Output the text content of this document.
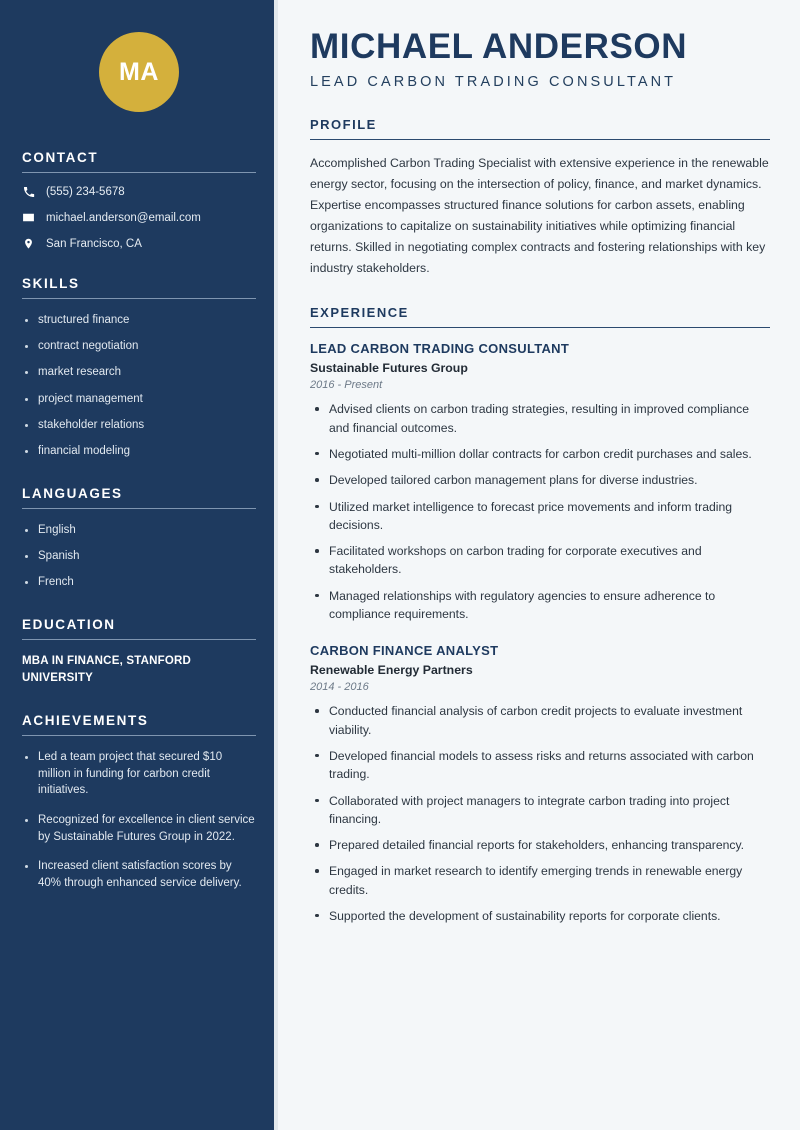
MA
CONTACT
(555) 234-5678
michael.anderson@email.com
San Francisco, CA
SKILLS
structured finance
contract negotiation
market research
project management
stakeholder relations
financial modeling
LANGUAGES
English
Spanish
French
EDUCATION
MBA IN FINANCE, STANFORD UNIVERSITY
ACHIEVEMENTS
Led a team project that secured $10 million in funding for carbon credit initiatives.
Recognized for excellence in client service by Sustainable Futures Group in 2022.
Increased client satisfaction scores by 40% through enhanced service delivery.
MICHAEL ANDERSON
LEAD CARBON TRADING CONSULTANT
PROFILE

Accomplished Carbon Trading Specialist with extensive experience in the renewable energy sector, focusing on the intersection of policy, finance, and market dynamics. Expertise encompasses structured finance solutions for carbon assets, enabling organizations to capitalize on sustainability initiatives while optimizing financial returns. Skilled in negotiating complex contracts and fostering relationships with key industry stakeholders.

EXPERIENCE
LEAD CARBON TRADING CONSULTANT
Sustainable Futures Group
2016 - Present
Advised clients on carbon trading strategies, resulting in improved compliance and financial outcomes.
Negotiated multi-million dollar contracts for carbon credit purchases and sales.
Developed tailored carbon management plans for diverse industries.
Utilized market intelligence to forecast price movements and inform trading decisions.
Facilitated workshops on carbon trading for corporate executives and stakeholders.
Managed relationships with regulatory agencies to ensure adherence to compliance requirements.
CARBON FINANCE ANALYST
Renewable Energy Partners
2014 - 2016
Conducted financial analysis of carbon credit projects to evaluate investment viability.
Developed financial models to assess risks and returns associated with carbon trading.
Collaborated with project managers to integrate carbon trading into project financing.
Prepared detailed financial reports for stakeholders, enhancing transparency.
Engaged in market research to identify emerging trends in renewable energy credits.
Supported the development of sustainability reports for corporate clients.
